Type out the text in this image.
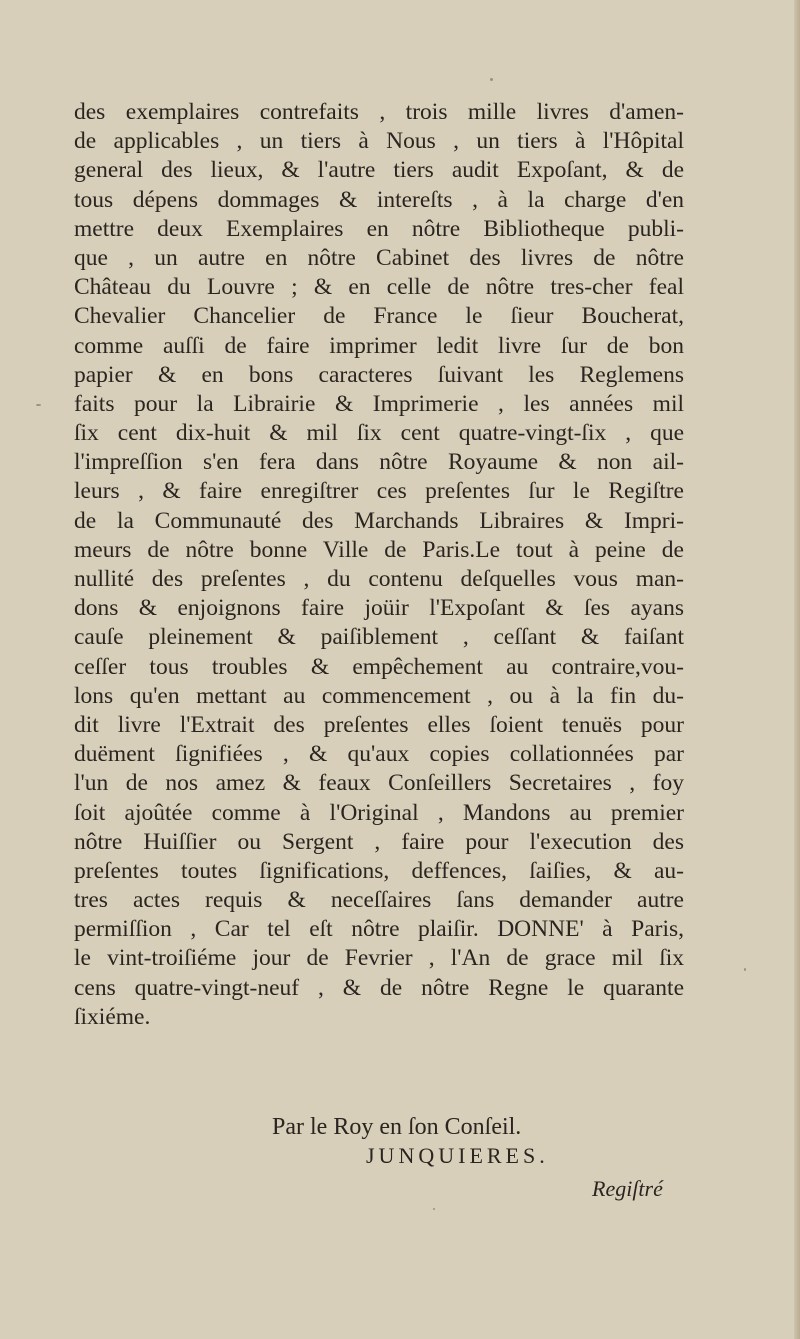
des exemplaires contrefaits , trois mille livres d'amen-
de applicables , un tiers à Nous , un tiers à l'Hôpital
general des lieux, & l'autre tiers audit Expoſant, & de
tous dépens dommages & intereſts , à la charge d'en
mettre deux Exemplaires en nôtre Bibliotheque publi-
que , un autre en nôtre Cabinet des livres de nôtre
Château du Louvre ; & en celle de nôtre tres-cher feal
Chevalier Chancelier de France le ſieur Boucherat,
comme auſſi de faire imprimer ledit livre ſur de bon
papier & en bons caracteres ſuivant les Reglemens
faits pour la Librairie & Imprimerie , les années mil
ſix cent dix-huit & mil ſix cent quatre-vingt-ſix , que
l'impreſſion s'en fera dans nôtre Royaume & non ail-
leurs , & faire enregiſtrer ces preſentes ſur le Regiſtre
de la Communauté des Marchands Libraires & Impri-
meurs de nôtre bonne Ville de Paris.Le tout à peine de
nullité des preſentes , du contenu deſquelles vous man-
dons & enjoignons faire joüir l'Expoſant & ſes ayans
cauſe pleinement & paiſiblement , ceſſant & faiſant
ceſſer tous troubles & empêchement au contraire,vou-
lons qu'en mettant au commencement , ou à la fin du-
dit livre l'Extrait des preſentes elles ſoient tenuës pour
duëment ſignifiées , & qu'aux copies collationnées par
l'un de nos amez & feaux Conſeillers Secretaires , foy
ſoit ajoûtée comme à l'Original , Mandons au premier
nôtre Huiſſier ou Sergent , faire pour l'execution des
preſentes toutes ſignifications, deffences, ſaiſies, & au-
tres actes requis & neceſſaires ſans demander autre
permiſſion , Car tel eſt nôtre plaiſir. DONNE' à Paris,
le vint-troiſiéme jour de Fevrier , l'An de grace mil ſix
cens quatre-vingt-neuf , & de nôtre Regne le quarante
ſixiéme.
Par le Roy en ſon Conſeil.
JUNQUIERES.
Regiſtré
